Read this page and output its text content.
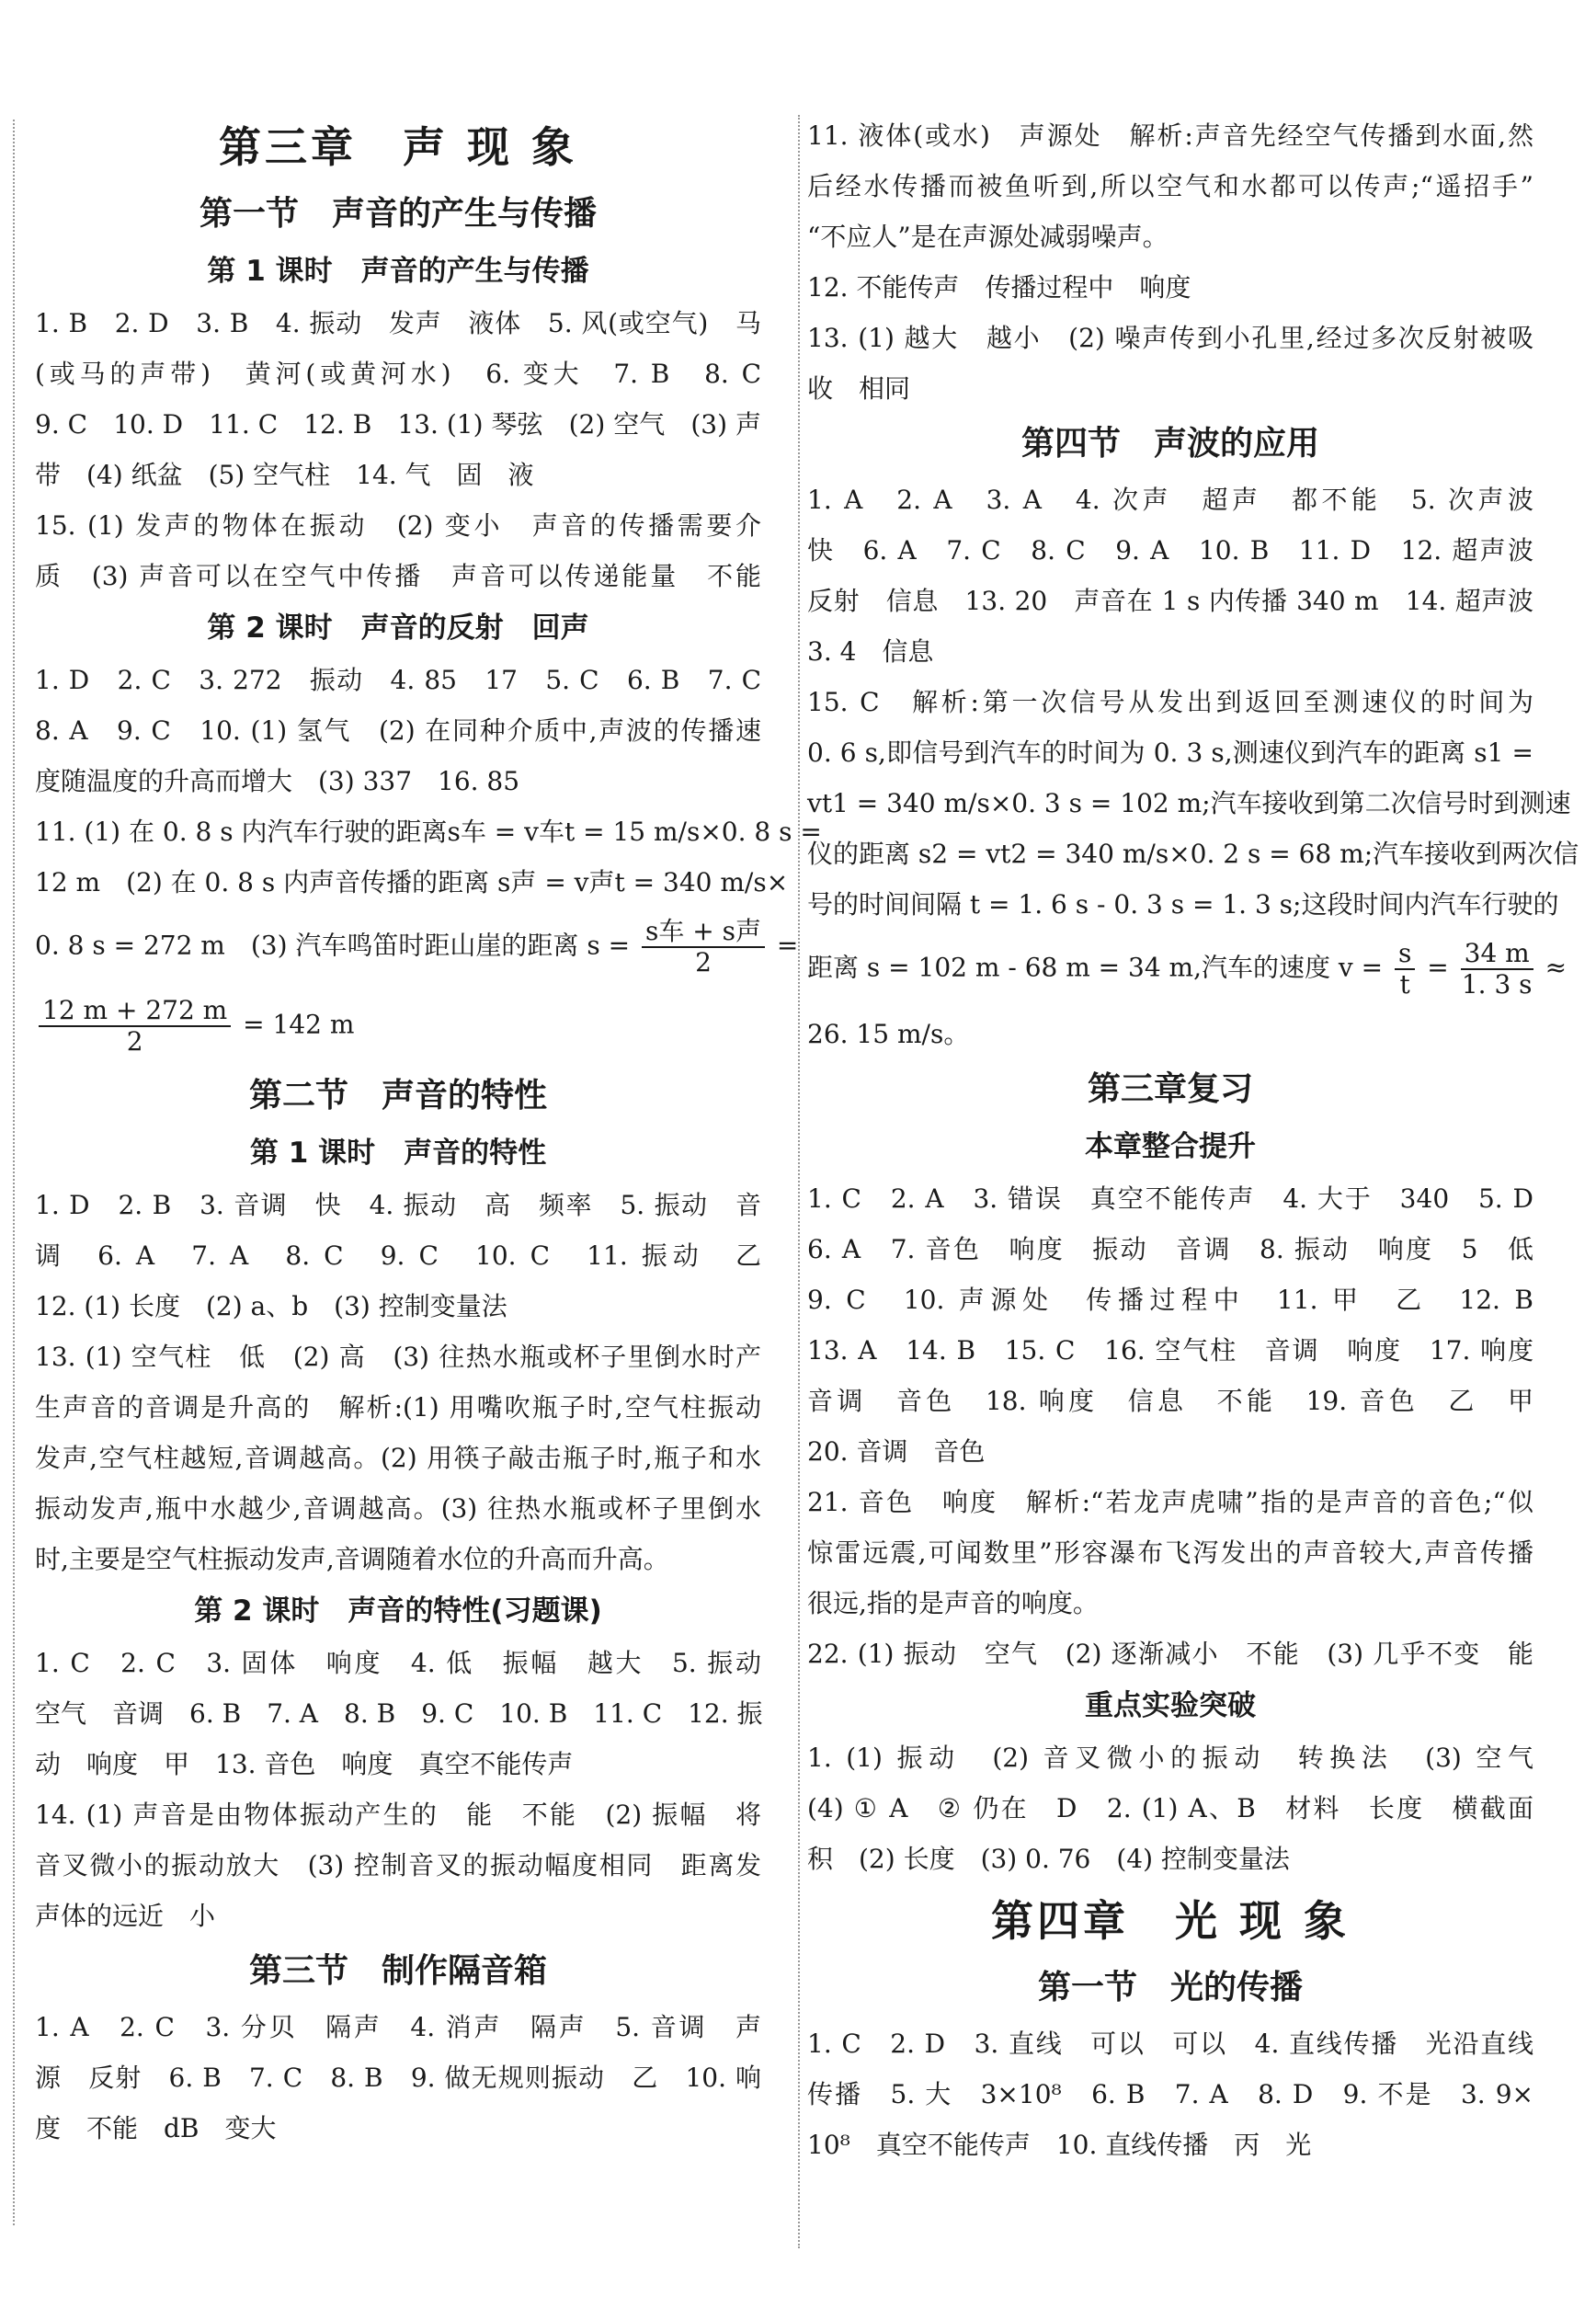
第三章　声 现 象
第一节　声音的产生与传播
第 1 课时　声音的产生与传播
1. B　2. D　3. B　4. 振动　发声　液体　5. 风(或空气)　马
(或马的声带)　黄河(或黄河水)　6. 变大　7. B　8. C
9. C　10. D　11. C　12. B　13. (1) 琴弦　(2) 空气　(3) 声
带　(4) 纸盆　(5) 空气柱　14. 气　固　液
15. (1) 发声的物体在振动　(2) 变小　声音的传播需要介
质　(3) 声音可以在空气中传播　声音可以传递能量　不能
第 2 课时　声音的反射　回声
1. D　2. C　3. 272　振动　4. 85　17　5. C　6. B　7. C
8. A　9. C　10. (1) 氢气　(2) 在同种介质中,声波的传播速
度随温度的升高而增大　(3) 337　16. 85
11. (1) 在 0. 8 s 内汽车行驶的距离s车 = v车t = 15 m/s×0. 8 s =
12 m　(2) 在 0. 8 s 内声音传播的距离 s声 = v声t = 340 m/s×
0. 8 s = 272 m　(3) 汽车鸣笛时距山崖的距离 $s = \frac{\text{s车 + s声}}{2}$ =
$\frac{12 m + 272 m}{2} = 142$ m
第二节　声音的特性
第 1 课时　声音的特性
1. D　2. B　3. 音调　快　4. 振动　高　频率　5. 振动　音
调　6. A　7. A　8. C　9. C　10. C　11. 振动　乙
12. (1) 长度　(2) a、b　(3) 控制变量法
13. (1) 空气柱　低　(2) 高　(3) 往热水瓶或杯子里倒水时产
生声音的音调是升高的　解析:(1) 用嘴吹瓶子时,空气柱振动
发声,空气柱越短,音调越高。(2) 用筷子敲击瓶子时,瓶子和水
振动发声,瓶中水越少,音调越高。(3) 往热水瓶或杯子里倒水
时,主要是空气柱振动发声,音调随着水位的升高而升高。
第 2 课时　声音的特性(习题课)
1. C　2. C　3. 固体　响度　4. 低　振幅　越大　5. 振动
空气　音调　6. B　7. A　8. B　9. C　10. B　11. C　12. 振
动　响度　甲　13. 音色　响度　真空不能传声
14. (1) 声音是由物体振动产生的　能　不能　(2) 振幅　将
音叉微小的振动放大　(3) 控制音叉的振动幅度相同　距离发
声体的远近　小
第三节　制作隔音箱
1. A　2. C　3. 分贝　隔声　4. 消声　隔声　5. 音调　声
源　反射　6. B　7. C　8. B　9. 做无规则振动　乙　10. 响
度　不能　dB　变大
11. 液体(或水)　声源处　解析:声音先经空气传播到水面,然
后经水传播而被鱼听到,所以空气和水都可以传声;“遥招手”
“不应人”是在声源处减弱噪声。
12. 不能传声　传播过程中　响度
13. (1) 越大　越小　(2) 噪声传到小孔里,经过多次反射被吸
收　相同
第四节　声波的应用
1. A　2. A　3. A　4. 次声　超声　都不能　5. 次声波
快　6. A　7. C　8. C　9. A　10. B　11. D　12. 超声波
反射　信息　13. 20　声音在 1 s 内传播 340 m　14. 超声波
3. 4　信息
15. C　解析:第一次信号从发出到返回至测速仪的时间为
0. 6 s,即信号到汽车的时间为 0. 3 s,测速仪到汽车的距离 s1 =
vt1 = 340 m/s×0. 3 s = 102 m;汽车接收到第二次信号时到测速
仪的距离 s2 = vt2 = 340 m/s×0. 2 s = 68 m;汽车接收到两次信
号的时间间隔 t = 1. 6 s - 0. 3 s = 1. 3 s;这段时间内汽车行驶的
距离 s = 102 m - 68 m = 34 m,汽车的速度 $v = \frac{s}{t} = \frac{34 m}{1. 3 s}$ ≈
26. 15 m/s。
第三章复习
本章整合提升
1. C　2. A　3. 错误　真空不能传声　4. 大于　340　5. D
6. A　7. 音色　响度　振动　音调　8. 振动　响度　5　低
9. C　10. 声源处　传播过程中　11. 甲　乙　12. B
13. A　14. B　15. C　16. 空气柱　音调　响度　17. 响度
音调　音色　18. 响度　信息　不能　19. 音色　乙　甲
20. 音调　音色
21. 音色　响度　解析:“若龙声虎啸”指的是声音的音色;“似
惊雷远震,可闻数里”形容瀑布飞泻发出的声音较大,声音传播
很远,指的是声音的响度。
22. (1) 振动　空气　(2) 逐渐减小　不能　(3) 几乎不变　能
重点实验突破
1. (1) 振动　(2) 音叉微小的振动　转换法　(3) 空气
(4) ① A　② 仍在　D　2. (1) A、B　材料　长度　横截面
积　(2) 长度　(3) 0. 76　(4) 控制变量法
第四章　光 现 象
第一节　光的传播
1. C　2. D　3. 直线　可以　可以　4. 直线传播　光沿直线
传播　5. 大　3×10⁸　6. B　7. A　8. D　9. 不是　3. 9×
10⁸　真空不能传声　10. 直线传播　丙　光
